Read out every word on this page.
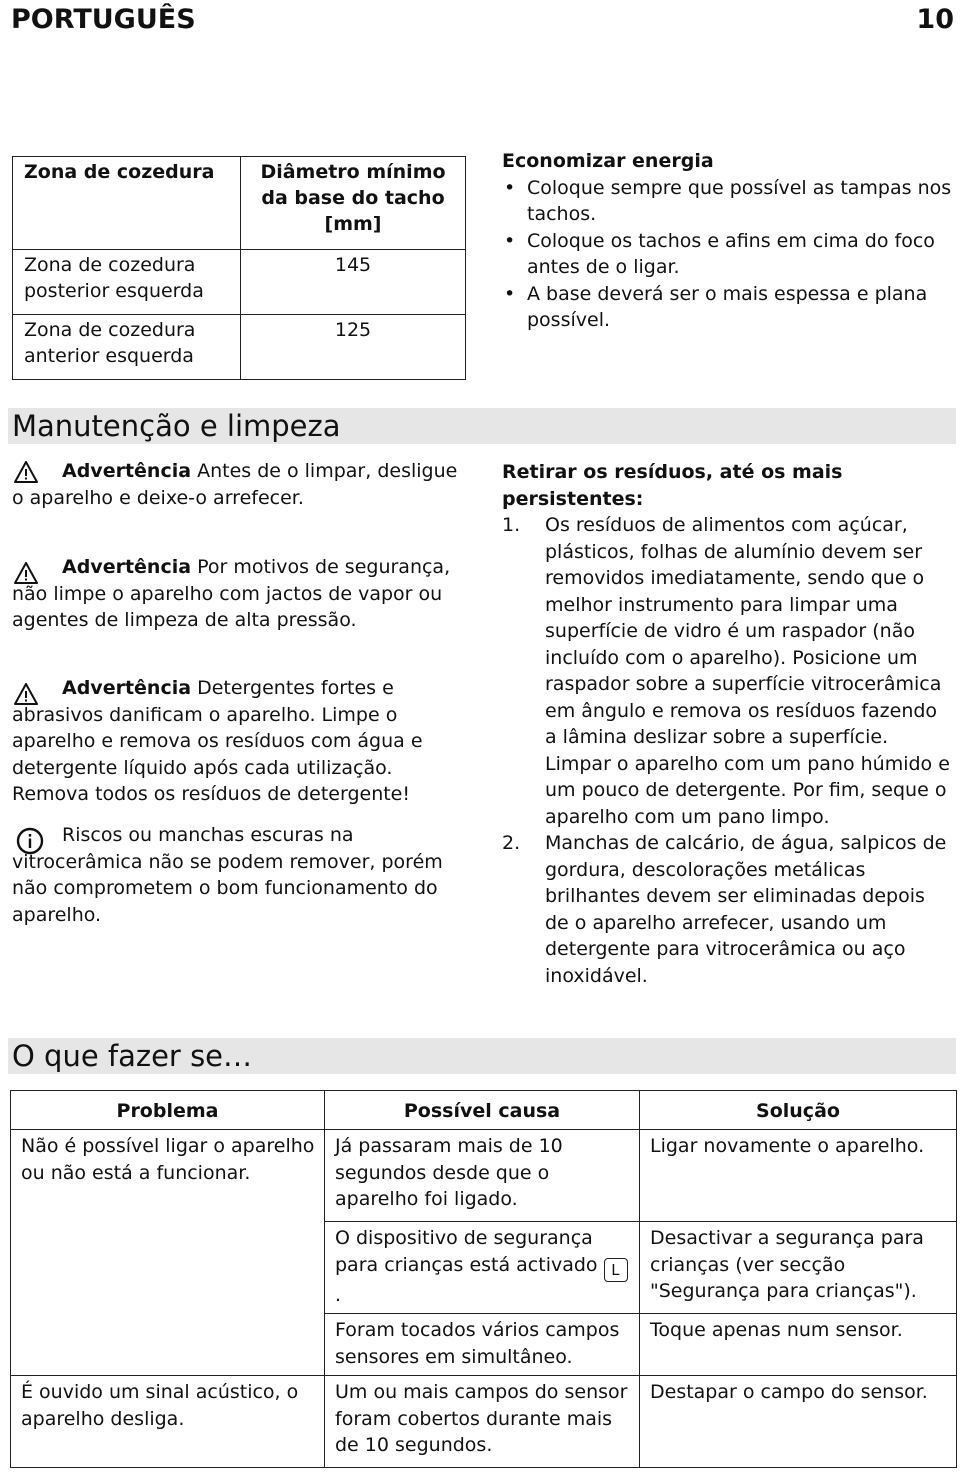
PORTUGUÊS	10
Zona de cozedura	Diâmetro mínimo da base do tacho [mm]
Zona de cozedura posterior esquerda	145
Zona de cozedura anterior esquerda	125

Economizar energia

• Coloque sempre que possível as tampas nos tachos.
• Coloque os tachos e afins em cima do foco antes de o ligar.
• A base deverá ser o mais espessa e plana possível.
Manutenção e limpeza

Advertência Antes de o limpar, desligue o aparelho e deixe-o arrefecer.

Advertência Por motivos de segurança, não limpe o aparelho com jactos de vapor ou agentes de limpeza de alta pressão.

Advertência Detergentes fortes e abrasivos danificam o aparelho. Limpe o aparelho e remova os resíduos com água e detergente líquido após cada utilização. Remova todos os resíduos de detergente!

Riscos ou manchas escuras na vitrocerâmica não se podem remover, porém não comprometem o bom funcionamento do aparelho.

Retirar os resíduos, até os mais persistentes:

1. Os resíduos de alimentos com açúcar, plásticos, folhas de alumínio devem ser removidos imediatamente, sendo que o melhor instrumento para limpar uma superfície de vidro é um raspador (não incluído com o aparelho). Posicione um raspador sobre a superfície vitrocerâmica em ângulo e remova os resíduos fazendo a lâmina deslizar sobre a superfície. Limpar o aparelho com um pano húmido e um pouco de detergente. Por fim, seque o aparelho com um pano limpo.
2. Manchas de calcário, de água, salpicos de gordura, descolorações metálicas brilhantes devem ser eliminadas depois de o aparelho arrefecer, usando um detergente para vitrocerâmica ou aço inoxidável.
O que fazer se…
Problema	Possível causa	Solução
Não é possível ligar o aparelho ou não está a funcionar.	Já passaram mais de 10 segundos desde que o aparelho foi ligado.	Ligar novamente o aparelho.
	O dispositivo de segurança para crianças está activado L.	Desactivar a segurança para crianças (ver secção "Segurança para crianças").
	Foram tocados vários campos sensores em simultâneo.	Toque apenas num sensor.
É ouvido um sinal acústico, o aparelho desliga.	Um ou mais campos do sensor foram cobertos durante mais de 10 segundos.	Destapar o campo do sensor.
